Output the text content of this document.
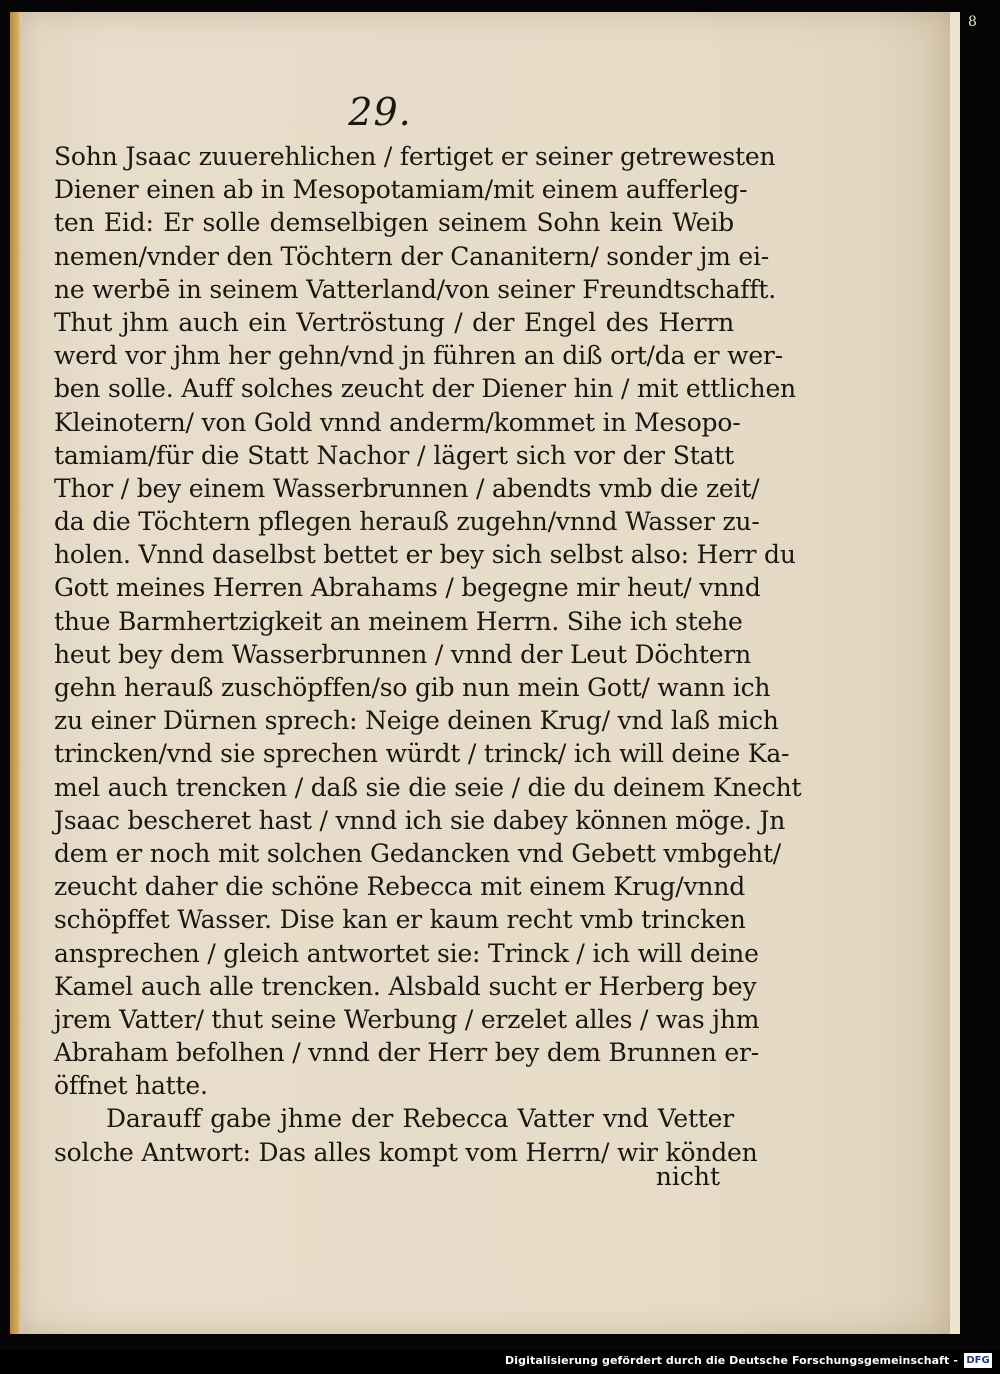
29.
Sohn Jsaac zuuerehlichen / fertiget er seiner getrewesten
Diener einen ab in Mesopotamiam/mit einem aufferleg-
ten Eid: Er solle demselbigen seinem Sohn kein Weib
nemen/vnder den Töchtern der Cananitern/ sonder jm ei-
ne werbē in seinem Vatterland/von seiner Freundtschafft.
Thut jhm auch ein Vertröstung / der Engel des Herrn
werd vor jhm her gehn/vnd jn führen an diß ort/da er wer-
ben solle. Auff solches zeucht der Diener hin / mit ettlichen
Kleinotern/ von Gold vnnd anderm/kommet in Mesopo-
tamiam/für die Statt Nachor / lägert sich vor der Statt
Thor / bey einem Wasserbrunnen / abendts vmb die zeit/
da die Töchtern pflegen herauß zugehn/vnnd Wasser zu-
holen. Vnnd daselbst bettet er bey sich selbst also: Herr du
Gott meines Herren Abrahams / begegne mir heut/ vnnd
thue Barmhertzigkeit an meinem Herrn. Sihe ich stehe
heut bey dem Wasserbrunnen / vnnd der Leut Döchtern
gehn herauß zuschöpffen/so gib nun mein Gott/ wann ich
zu einer Dürnen sprech: Neige deinen Krug/ vnd laß mich
trincken/vnd sie sprechen würdt / trinck/ ich will deine Ka-
mel auch trencken / daß sie die seie / die du deinem Knecht
Jsaac bescheret hast / vnnd ich sie dabey können möge. Jn
dem er noch mit solchen Gedancken vnd Gebett vmbgeht/
zeucht daher die schöne Rebecca mit einem Krug/vnnd
schöpffet Wasser. Dise kan er kaum recht vmb trincken
ansprechen / gleich antwortet sie: Trinck / ich will deine
Kamel auch alle trencken. Alsbald sucht er Herberg bey
jrem Vatter/ thut seine Werbung / erzelet alles / was jhm
Abraham befolhen / vnnd der Herr bey dem Brunnen er-
öffnet hatte.
Darauff gabe jhme der Rebecca Vatter vnd Vetter
solche Antwort: Das alles kompt vom Herrn/ wir könden
nicht
8
Digitalisierung gefördert durch die Deutsche Forschungsgemeinschaft - DFG
